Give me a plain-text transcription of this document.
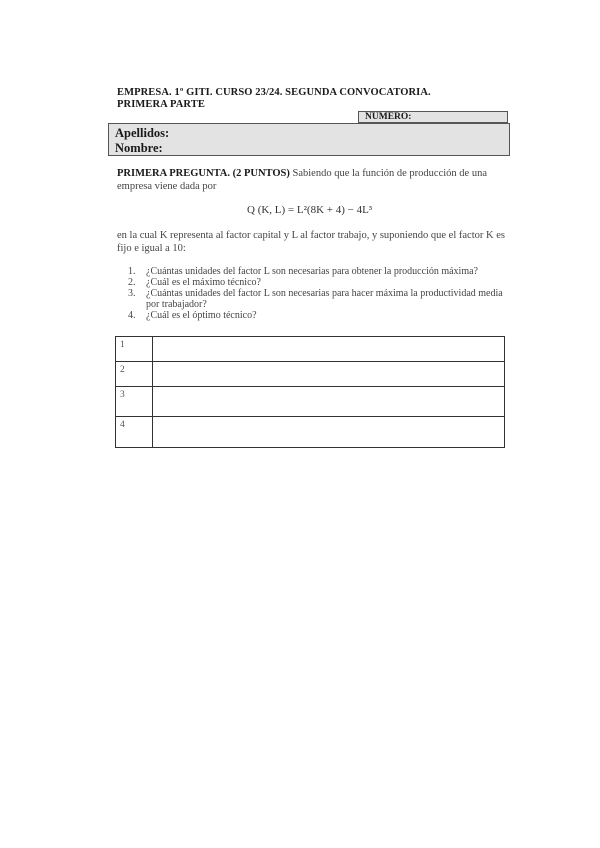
EMPRESA. 1º GITI. CURSO 23/24. SEGUNDA CONVOCATORIA.
PRIMERA PARTE
NUMERO:
Apellidos:
Nombre:
PRIMERA PREGUNTA. (2 PUNTOS) Sabiendo que la función de producción de una empresa viene dada por
Q (K, L) = L²(8K + 4) − 4L³
en la cual K representa al factor capital y L al factor trabajo, y suponiendo que el factor K es fijo e igual a 10:
1. ¿Cuántas unidades del factor L son necesarias para obtener la producción máxima?
2. ¿Cuál es el máximo técnico?
3. ¿Cuántas unidades del factor L son necesarias para hacer máxima la productividad media por trabajador?
4. ¿Cuál es el óptimo técnico?
1	
2	
3	
4	
